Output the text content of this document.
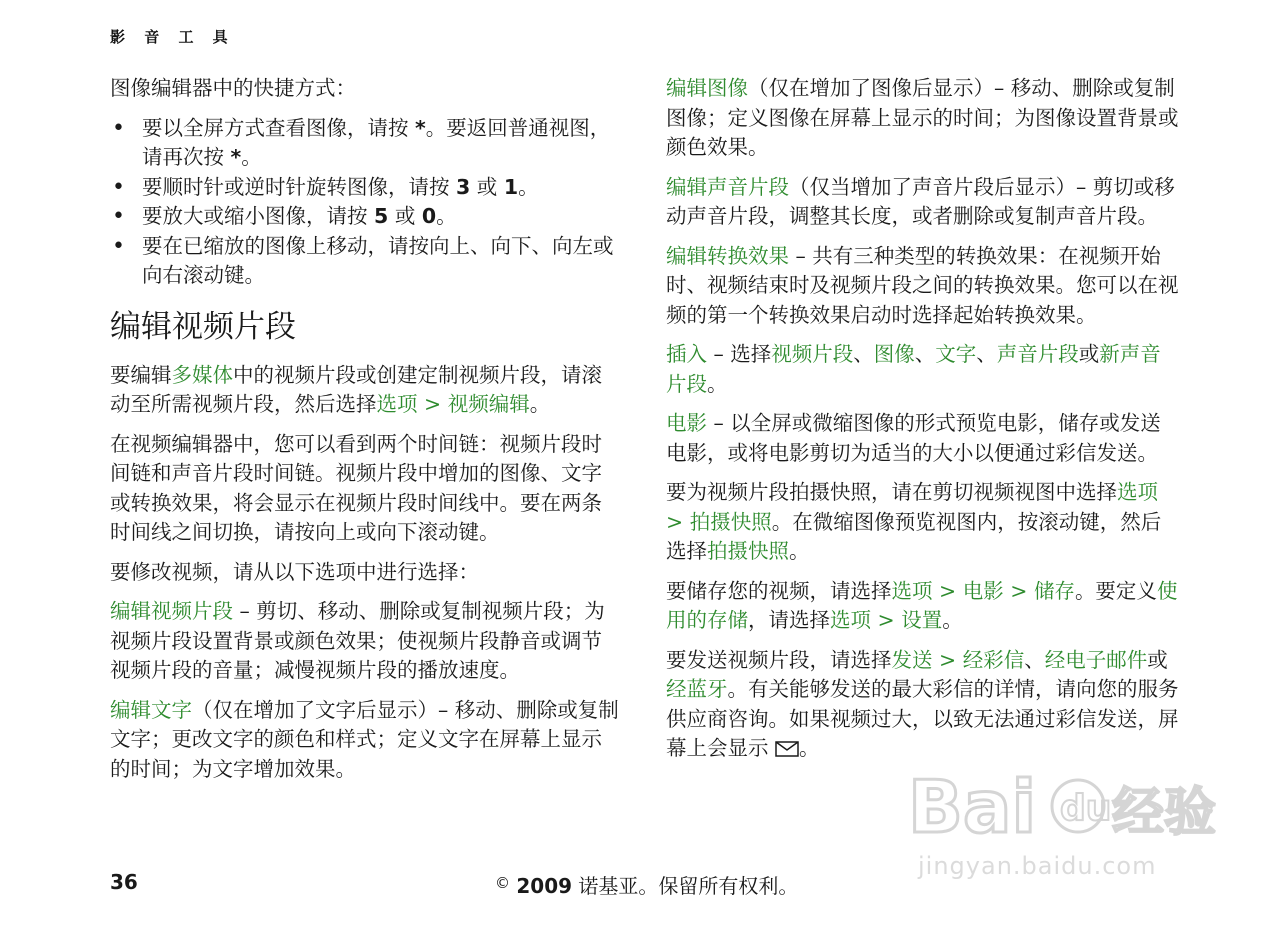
影 音 工 具

图像编辑器中的快捷方式：

• 要以全屏方式查看图像，请按 *。要返回普通视图，请再次按 *。
• 要顺时针或逆时针旋转图像，请按 3 或 1。
• 要放大或缩小图像，请按 5 或 0。
• 要在已缩放的图像上移动，请按向上、向下、向左或向右滚动键。
编辑视频片段

要编辑多媒体中的视频片段或创建定制视频片段，请滚动至所需视频片段，然后选择选项 > 视频编辑。

在视频编辑器中，您可以看到两个时间链：视频片段时间链和声音片段时间链。视频片段中增加的图像、文字或转换效果，将会显示在视频片段时间线中。要在两条时间线之间切换，请按向上或向下滚动键。

要修改视频，请从以下选项中进行选择：

编辑视频片段 – 剪切、移动、删除或复制视频片段；为视频片段设置背景或颜色效果；使视频片段静音或调节视频片段的音量；减慢视频片段的播放速度。

编辑文字（仅在增加了文字后显示）– 移动、删除或复制文字；更改文字的颜色和样式；定义文字在屏幕上显示的时间；为文字增加效果。

编辑图像（仅在增加了图像后显示）– 移动、删除或复制图像；定义图像在屏幕上显示的时间；为图像设置背景或颜色效果。

编辑声音片段（仅当增加了声音片段后显示）– 剪切或移动声音片段，调整其长度，或者删除或复制声音片段。

编辑转换效果 – 共有三种类型的转换效果：在视频开始时、视频结束时及视频片段之间的转换效果。您可以在视频的第一个转换效果启动时选择起始转换效果。

插入 – 选择视频片段、图像、文字、声音片段或新声音片段。

电影 – 以全屏或微缩图像的形式预览电影，储存或发送电影，或将电影剪切为适当的大小以便通过彩信发送。

要为视频片段拍摄快照，请在剪切视频视图中选择选项 > 拍摄快照。在微缩图像预览视图内，按滚动键，然后选择拍摄快照。

要储存您的视频，请选择选项 > 电影 > 储存。要定义使用的存储，请选择选项 > 设置。

要发送视频片段，请选择发送 > 经彩信、经电子邮件或经蓝牙。有关能够发送的最大彩信的详情，请向您的服务供应商咨询。如果视频过大，以致无法通过彩信发送，屏幕上会显示 。

Bai du 经验
jingyan.baidu.com
36	© 2009 诺基亚。保留所有权利。
